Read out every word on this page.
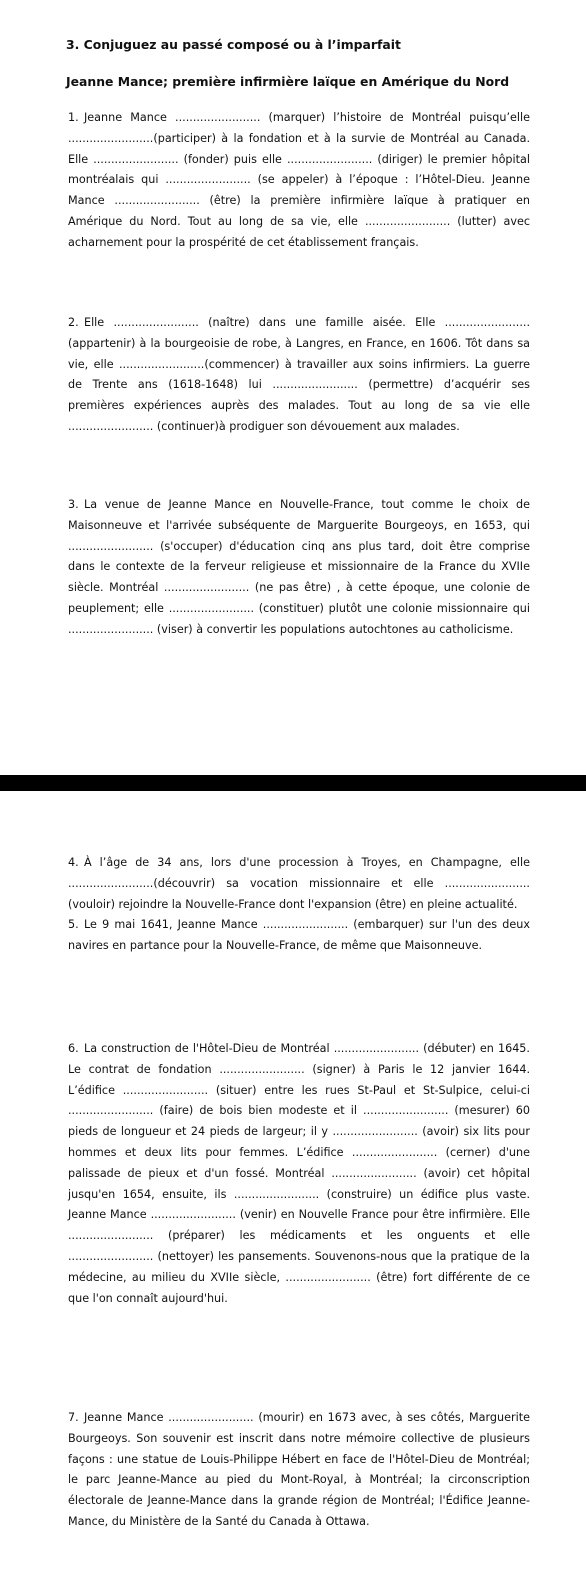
3. Conjuguez au passé composé ou à l’imparfait
Jeanne Mance; première infirmière laïque en Amérique du Nord

1. Jeanne Mance ........................ (marquer) l’histoire de Montréal puisqu’elle ........................(participer) à la fondation et à la survie de Montréal au Canada. Elle ........................ (fonder) puis elle ........................ (diriger) le premier hôpital montréalais qui ........................ (se appeler) à l’époque : l’Hôtel-Dieu. Jeanne Mance ........................ (être) la première infirmière laïque à pratiquer en Amérique du Nord. Tout au long de sa vie, elle ........................ (lutter) avec acharnement pour la prospérité de cet établissement français.

2. Elle ........................ (naître) dans une famille aisée. Elle ........................ (appartenir) à la bourgeoisie de robe, à Langres, en France, en 1606. Tôt dans sa vie, elle ........................(commencer) à travailler aux soins infirmiers. La guerre de Trente ans (1618-1648) lui ........................ (permettre) d’acquérir ses premières expériences auprès des malades. Tout au long de sa vie elle ........................ (continuer)à prodiguer son dévouement aux malades.

3. La venue de Jeanne Mance en Nouvelle-France, tout comme le choix de Maisonneuve et l'arrivée subséquente de Marguerite Bourgeoys, en 1653, qui ........................ (s'occuper) d'éducation cinq ans plus tard, doit être comprise dans le contexte de la ferveur religieuse et missionnaire de la France du XVIIe siècle. Montréal ........................ (ne pas être) , à cette époque, une colonie de peuplement; elle ........................ (constituer) plutôt une colonie missionnaire qui ........................ (viser) à convertir les populations autochtones au catholicisme.

4. À l’âge de 34 ans, lors d'une procession à Troyes, en Champagne, elle ........................(découvrir) sa vocation missionnaire et elle ........................ (vouloir) rejoindre la Nouvelle-France dont l'expansion (être) en pleine actualité.
5. Le 9 mai 1641, Jeanne Mance ........................ (embarquer) sur l'un des deux navires en partance pour la Nouvelle-France, de même que Maisonneuve.

6. La construction de l'Hôtel-Dieu de Montréal ........................ (débuter) en 1645. Le contrat de fondation ........................ (signer) à Paris le 12 janvier 1644. L’édifice ........................ (situer) entre les rues St-Paul et St-Sulpice, celui-ci ........................ (faire) de bois bien modeste et il ........................ (mesurer) 60 pieds de longueur et 24 pieds de largeur; il y ........................ (avoir) six lits pour hommes et deux lits pour femmes. L’édifice ........................ (cerner) d'une palissade de pieux et d'un fossé. Montréal ........................ (avoir) cet hôpital jusqu'en 1654, ensuite, ils ........................ (construire) un édifice plus vaste. Jeanne Mance ........................ (venir) en Nouvelle France pour être infirmière. Elle ........................ (préparer) les médicaments et les onguents et elle ........................ (nettoyer) les pansements. Souvenons-nous que la pratique de la médecine, au milieu du XVIIe siècle, ........................ (être) fort différente de ce que l'on connaît aujourd'hui.

7. Jeanne Mance ........................ (mourir) en 1673 avec, à ses côtés, Marguerite Bourgeoys. Son souvenir est inscrit dans notre mémoire collective de plusieurs façons : une statue de Louis-Philippe Hébert en face de l'Hôtel-Dieu de Montréal; le parc Jeanne-Mance au pied du Mont-Royal, à Montréal; la circonscription électorale de Jeanne-Mance dans la grande région de Montréal; l'Édifice Jeanne-Mance, du Ministère de la Santé du Canada à Ottawa.
